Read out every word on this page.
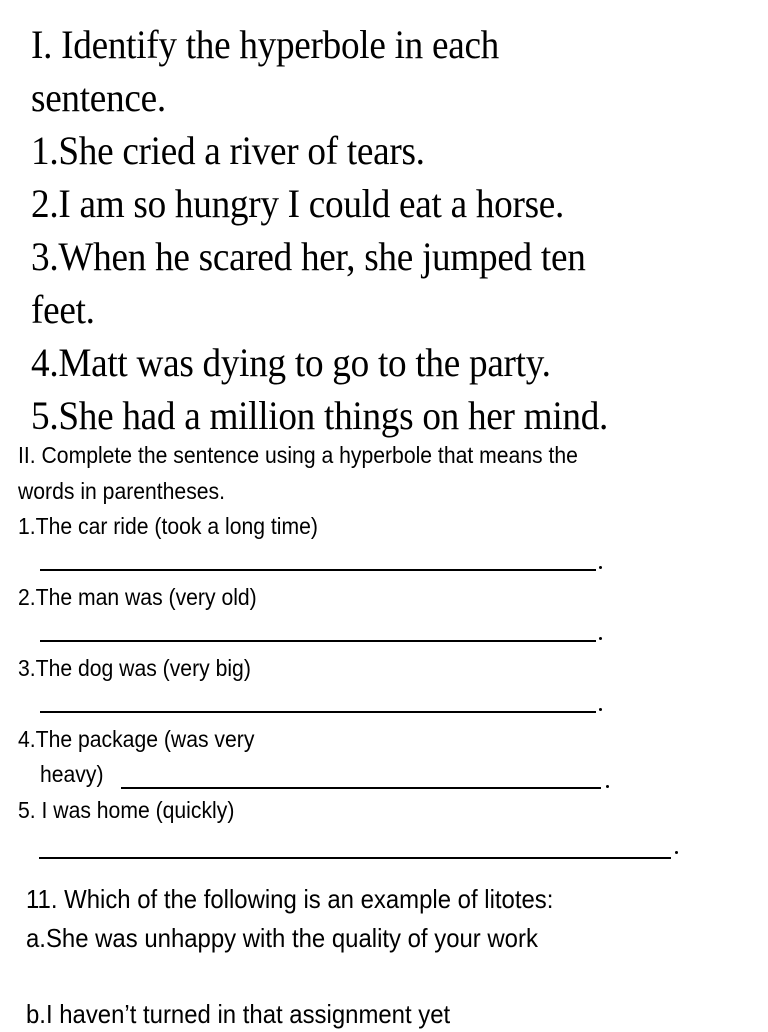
I. Identify the hyperbole in each
sentence.
1.She cried a river of tears.
2.I am so hungry I could eat a horse.
3.When he scared her, she jumped ten
feet.
4.Matt was dying to go to the party.
5.She had a million things on her mind.
II. Complete the sentence using a hyperbole that means the
words in parentheses.
1.The car ride (took a long time)
2.The man was (very old)
3.The dog was (very big)
4.The package (was very
heavy)
5. I was home (quickly)
11. Which of the following is an example of litotes:
a.She was unhappy with the quality of your work
b.I haven’t turned in that assignment yet
